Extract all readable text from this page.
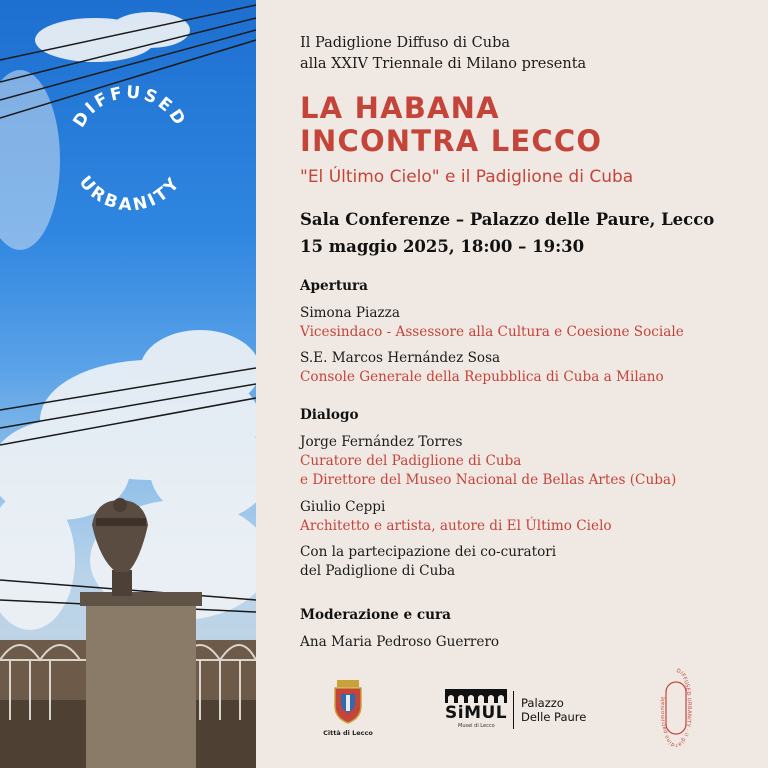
DIFFUSED
URBANITY
Il Padiglione Diffuso di Cuba
alla XXIV Triennale di Milano presenta
LA HABANA
INCONTRA LECCO
"El Último Cielo" e il Padiglione di Cuba
Sala Conferenze – Palazzo delle Paure, Lecco
15 maggio 2025, 18:00 – 19:30
Apertura
Simona Piazza
Vicesindaco - Assessore alla Cultura e Coesione Sociale
S.E. Marcos Hernández Sosa
Console Generale della Repubblica di Cuba a Milano
Dialogo
Jorge Fernández Torres
Curatore del Padiglione di Cuba
e Direttore del Museo Nacional de Bellas Artes (Cuba)
Giulio Ceppi
Architetto e artista, autore di El Último Cielo
Con la partecipazione dei co-curatori
del Padiglione di Cuba
Moderazione e cura
Ana Maria Pedroso Guerrero
Città di Lecco
SiMUL
Musei di Lecco
Palazzo
Delle Paure
DIFFUSED URBANITY · il giardino patrimoniale
